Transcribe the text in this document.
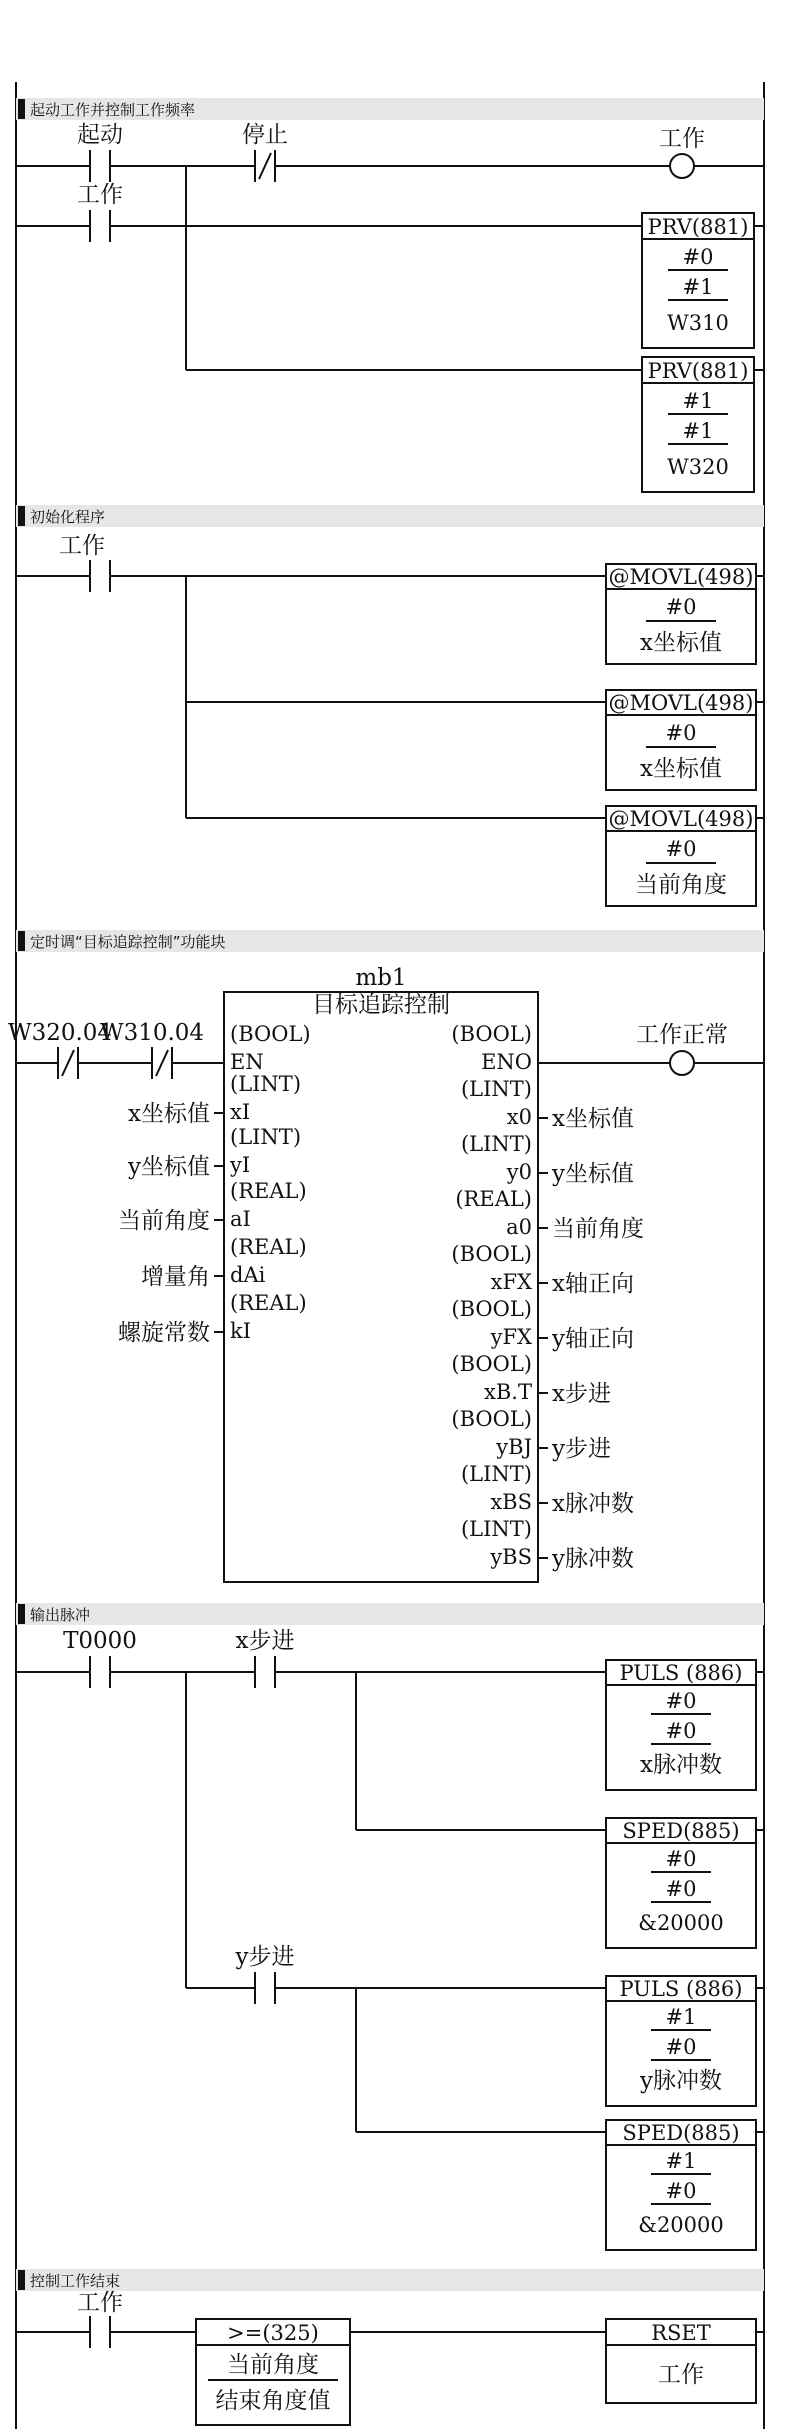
起动工作并控制工作频率
起动	停止	工作
工作
PRV(881)
#0
#1
W310
PRV(881)
#1
#1
W320
初始化程序
工作
@MOVL(498)
#0
x坐标值
@MOVL(498)
#0
x坐标值
@MOVL(498)
#0
当前角度
定时调“目标追踪控制”功能块
mb1
目标追踪控制
W320.04
W310.04	工作正常
(BOOL)
EN
(LINT)
xI
x坐标值
(LINT)
yI
y坐标值
(REAL)
aI
当前角度
(REAL)
dAi
增量角
(REAL)
kI
螺旋常数
(BOOL)
ENO
(LINT)
x0 x坐标值
(LINT)
y0 y坐标值
(REAL)
a0 当前角度
(BOOL)
xFX x轴正向
(BOOL)
yFX y轴正向
(BOOL)
xB.T x步进
(BOOL)
yBJ y步进
(LINT)
xBS x脉冲数
(LINT)
yBS y脉冲数
输出脉冲
T0000	x步进
y步进
PULS (886)
#0
#0
x脉冲数
SPED(885)
#0
#0
&20000
PULS (886)
#1
#0
y脉冲数
SPED(885)
#1
#0
&20000
控制工作结束
工作
>=(325)
当前角度
结束角度值
RSET
工作
